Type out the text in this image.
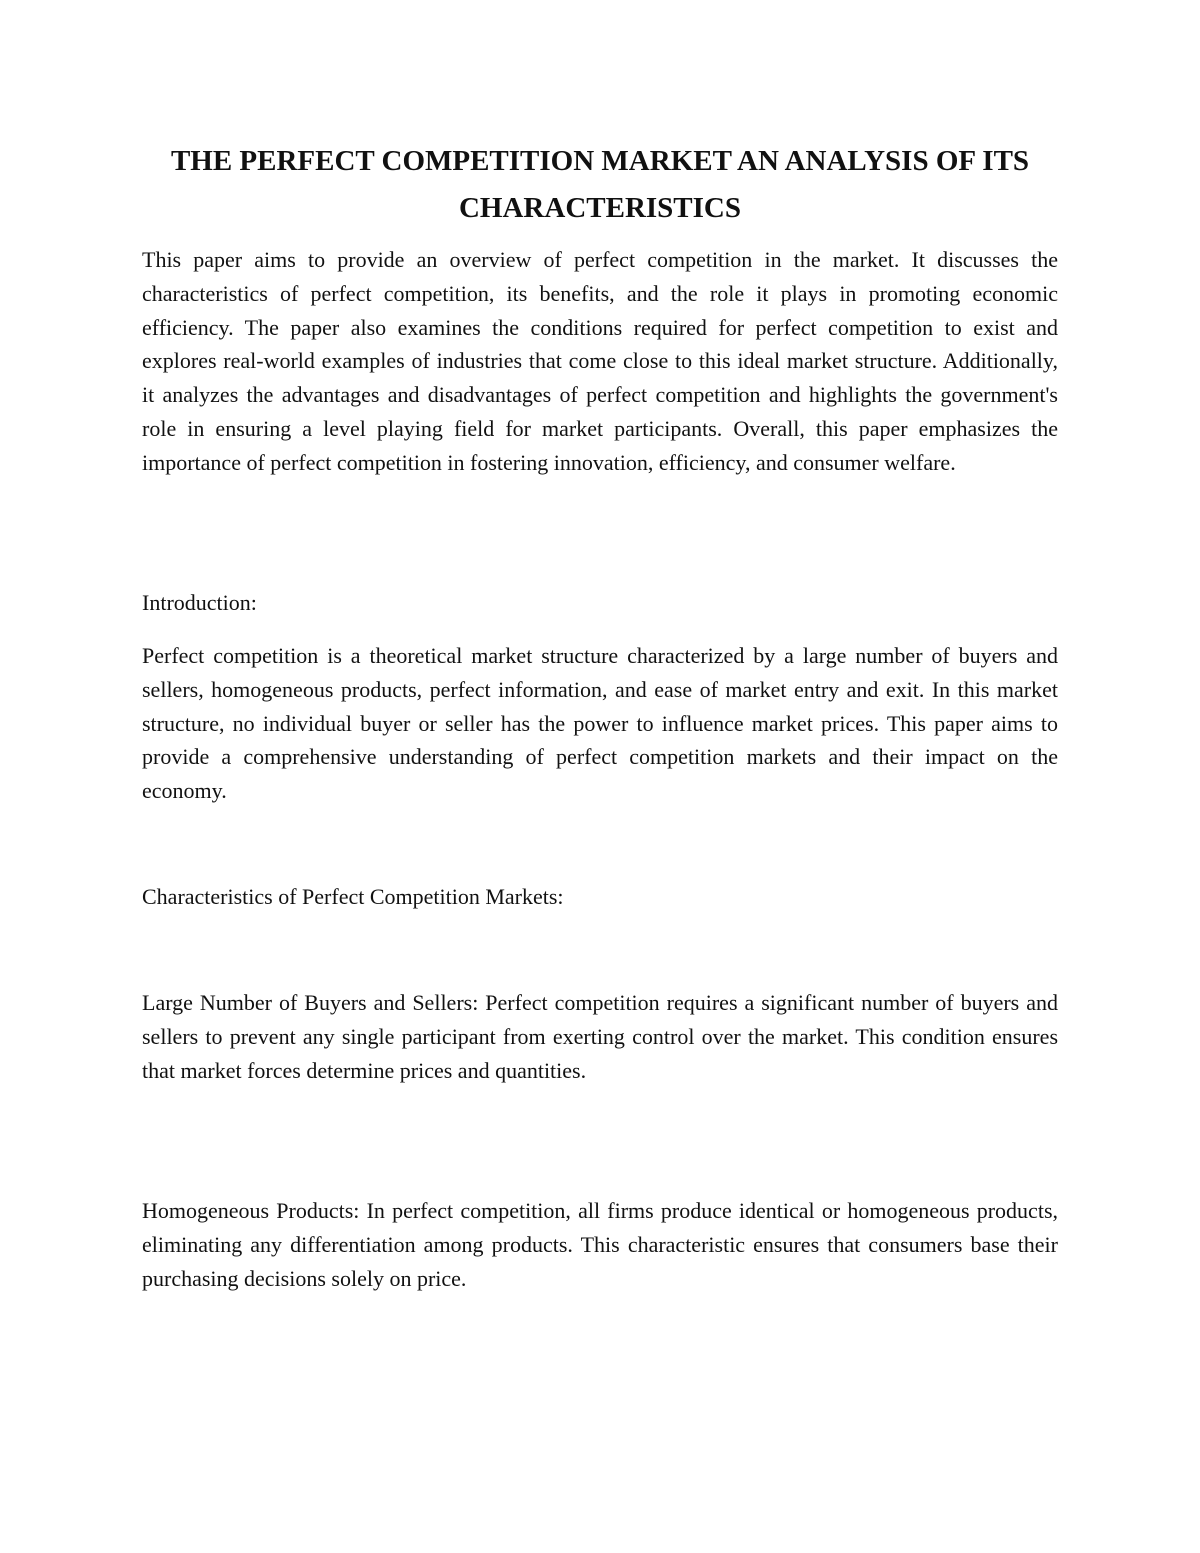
THE PERFECT COMPETITION MARKET AN ANALYSIS OF ITS CHARACTERISTICS

This paper aims to provide an overview of perfect competition in the market. It discusses the characteristics of perfect competition, its benefits, and the role it plays in promoting economic efficiency. The paper also examines the conditions required for perfect competition to exist and explores real-world examples of industries that come close to this ideal market structure. Additionally, it analyzes the advantages and disadvantages of perfect competition and highlights the government's role in ensuring a level playing field for market participants. Overall, this paper emphasizes the importance of perfect competition in fostering innovation, efficiency, and consumer welfare.

Introduction:

Perfect competition is a theoretical market structure characterized by a large number of buyers and sellers, homogeneous products, perfect information, and ease of market entry and exit. In this market structure, no individual buyer or seller has the power to influence market prices. This paper aims to provide a comprehensive understanding of perfect competition markets and their impact on the economy.

Characteristics of Perfect Competition Markets:

Large Number of Buyers and Sellers: Perfect competition requires a significant number of buyers and sellers to prevent any single participant from exerting control over the market. This condition ensures that market forces determine prices and quantities.

Homogeneous Products: In perfect competition, all firms produce identical or homogeneous products, eliminating any differentiation among products. This characteristic ensures that consumers base their purchasing decisions solely on price.
